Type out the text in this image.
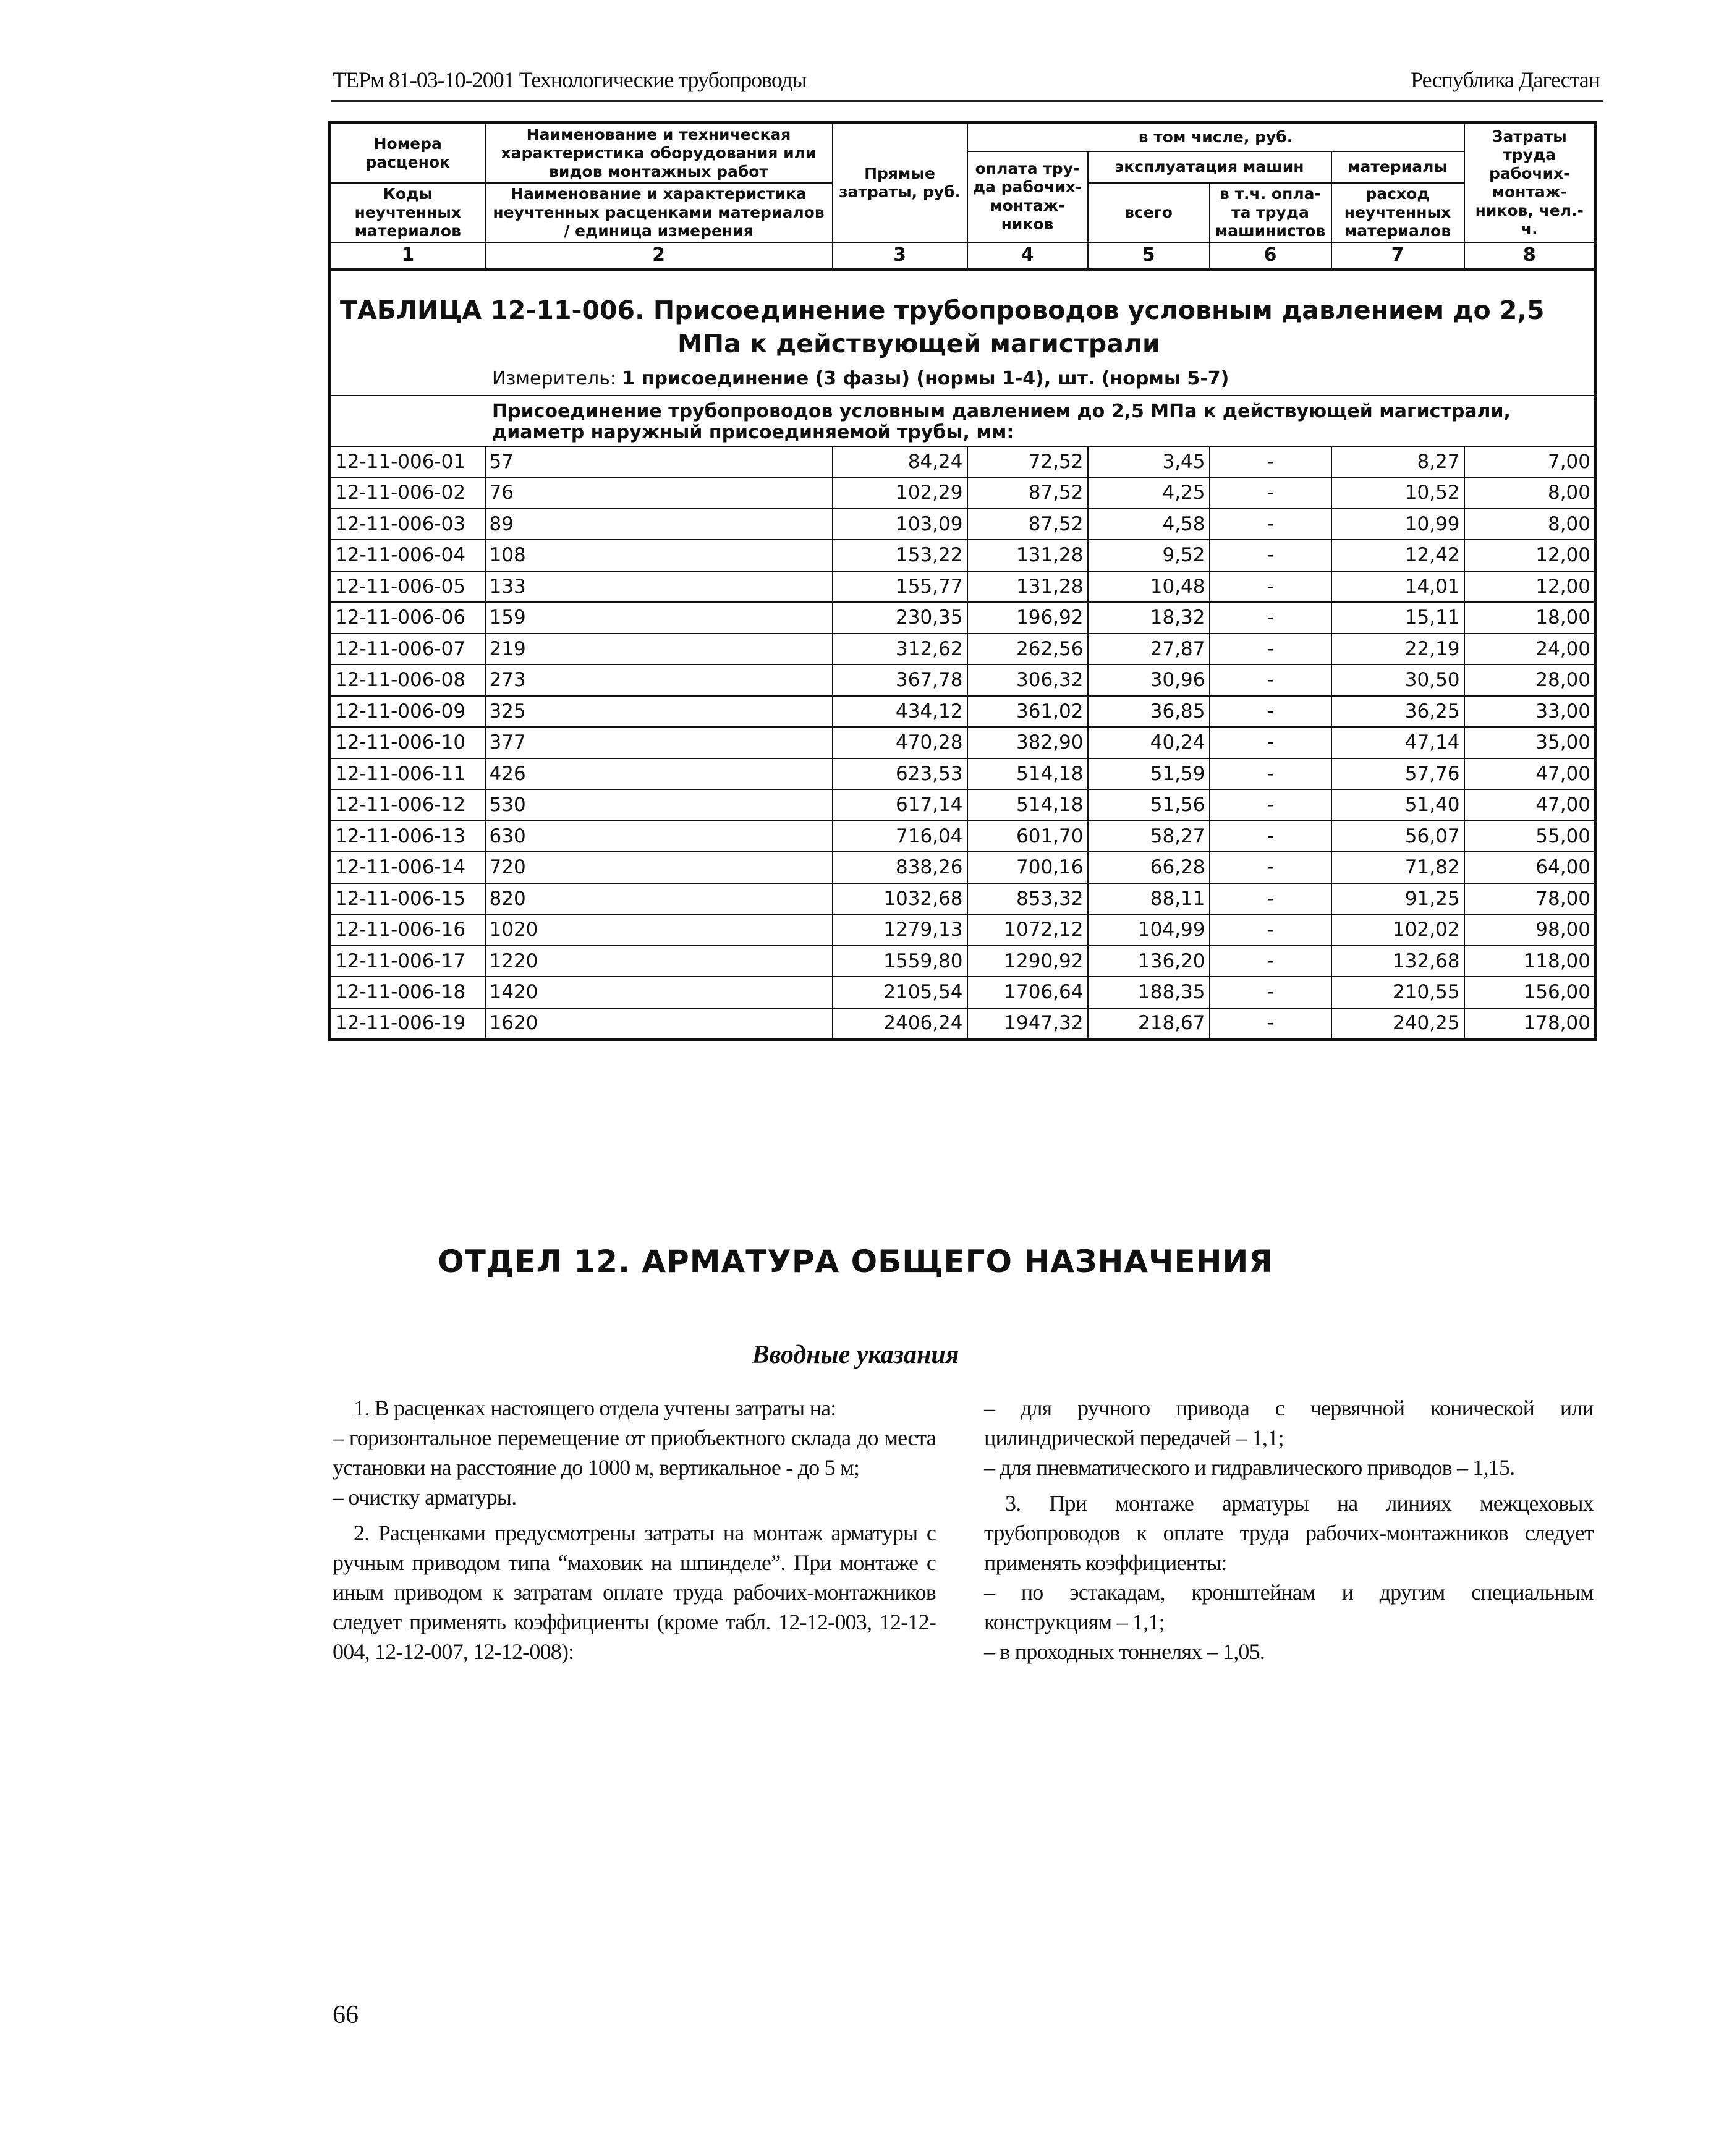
ТЕРм 81-03-10-2001 Технологические трубопроводы	Республика Дагестан
Номера расценок	Наименование и техническая характеристика оборудования или видов монтажных работ	Прямые затраты, руб.	в том числе, руб.				Затраты труда рабочих-монтаж-ников, чел.-ч.
			оплата тру-да рабочих-монтаж-ников	эксплуатация машин		материалы	
Коды неучтенных материалов	Наименование и характеристика неучтенных расценками материалов / единица измерения			всего	в т.ч. опла-та труда машинистов	расход неучтенных материалов	

1	2	3	4	5	6	7	8

ТАБЛИЦА 12-11-006. Присоединение трубопроводов условным давлением до 2,5
МПа к действующей магистрали
Измеритель: 1 присоединение (3 фазы) (нормы 1-4), шт. (нормы 5-7)							

Присоединение трубопроводов условным давлением до 2,5 МПа к действующей магистрали, диаметр наружный присоединяемой трубы, мм:							
12-11-006-01	57	84,24	72,52	3,45	-	8,27	7,00
12-11-006-02	76	102,29	87,52	4,25	-	10,52	8,00
12-11-006-03	89	103,09	87,52	4,58	-	10,99	8,00
12-11-006-04	108	153,22	131,28	9,52	-	12,42	12,00
12-11-006-05	133	155,77	131,28	10,48	-	14,01	12,00
12-11-006-06	159	230,35	196,92	18,32	-	15,11	18,00
12-11-006-07	219	312,62	262,56	27,87	-	22,19	24,00
12-11-006-08	273	367,78	306,32	30,96	-	30,50	28,00
12-11-006-09	325	434,12	361,02	36,85	-	36,25	33,00
12-11-006-10	377	470,28	382,90	40,24	-	47,14	35,00
12-11-006-11	426	623,53	514,18	51,59	-	57,76	47,00
12-11-006-12	530	617,14	514,18	51,56	-	51,40	47,00
12-11-006-13	630	716,04	601,70	58,27	-	56,07	55,00
12-11-006-14	720	838,26	700,16	66,28	-	71,82	64,00
12-11-006-15	820	1032,68	853,32	88,11	-	91,25	78,00
12-11-006-16	1020	1279,13	1072,12	104,99	-	102,02	98,00
12-11-006-17	1220	1559,80	1290,92	136,20	-	132,68	118,00
12-11-006-18	1420	2105,54	1706,64	188,35	-	210,55	156,00
12-11-006-19	1620	2406,24	1947,32	218,67	-	240,25	178,00
ОТДЕЛ 12. АРМАТУРА ОБЩЕГО НАЗНАЧЕНИЯ
Вводные указания

1. В расценках настоящего отдела учтены затраты на:

– горизонтальное перемещение от приобъектного склада до места установки на расстояние до 1000 м, вертикальное - до 5 м;

– очистку арматуры.

2. Расценками предусмотрены затраты на монтаж арматуры с ручным приводом типа “маховик на шпинделе”. При монтаже с иным приводом к затратам оплате труда рабочих-монтажников следует применять коэффициенты (кроме табл. 12-12-003, 12-12-004, 12-12-007, 12-12-008):

– для ручного привода с червячной конической или цилиндрической передачей – 1,1;

– для пневматического и гидравлического приводов – 1,15.

3. При монтаже арматуры на линиях межцеховых трубопроводов к оплате труда рабочих-монтажников следует применять коэффициенты:

– по эстакадам, кронштейнам и другим специальным конструкциям – 1,1;

– в проходных тоннелях – 1,05.

66
